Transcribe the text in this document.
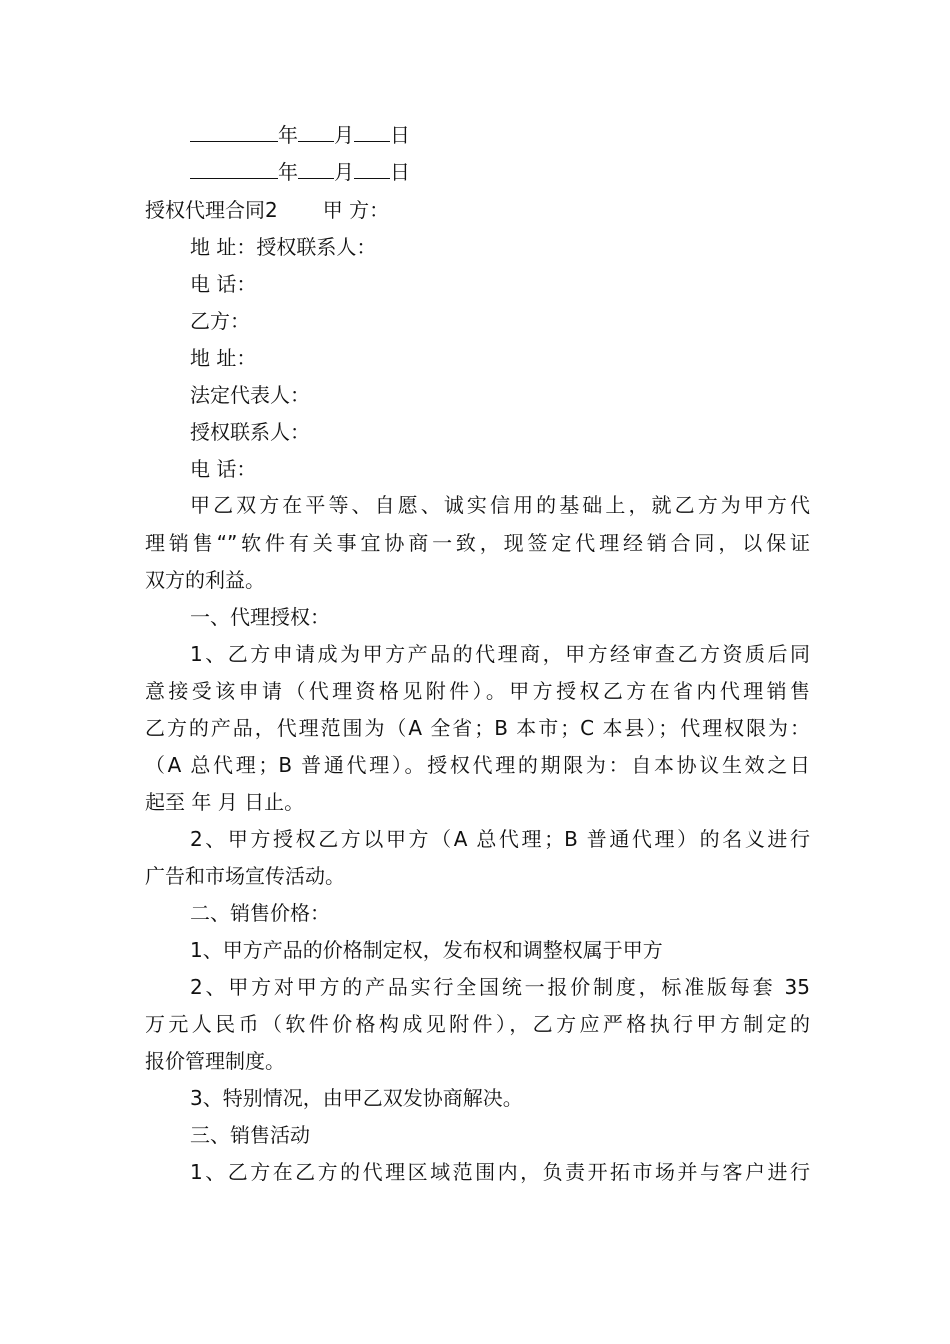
年 月 日
年 月 日
授权代理合同2 甲 方：
地 址：授权联系人：
电 话：
乙方：
地 址：
法定代表人：
授权联系人：
电 话：
甲乙双方在平等、自愿、诚实信用的基础上，就乙方为甲方代
理销售“”软件有关事宜协商一致，现签定代理经销合同，以保证
双方的利益。
一、代理授权：
1、乙方申请成为甲方产品的代理商，甲方经审查乙方资质后同
意接受该申请（代理资格见附件）。甲方授权乙方在省内代理销售
乙方的产品，代理范围为（A 全省；B 本市；C 本县）；代理权限为：
（A 总代理；B 普通代理）。授权代理的期限为：自本协议生效之日
起至 年 月 日止。
2、甲方授权乙方以甲方（A 总代理；B 普通代理）的名义进行
广告和市场宣传活动。
二、销售价格：
1、甲方产品的价格制定权，发布权和调整权属于甲方
2、甲方对甲方的产品实行全国统一报价制度，标准版每套 35
万元人民币（软件价格构成见附件），乙方应严格执行甲方制定的
报价管理制度。
3、特别情况，由甲乙双发协商解决。
三、销售活动
1、乙方在乙方的代理区域范围内，负责开拓市场并与客户进行
